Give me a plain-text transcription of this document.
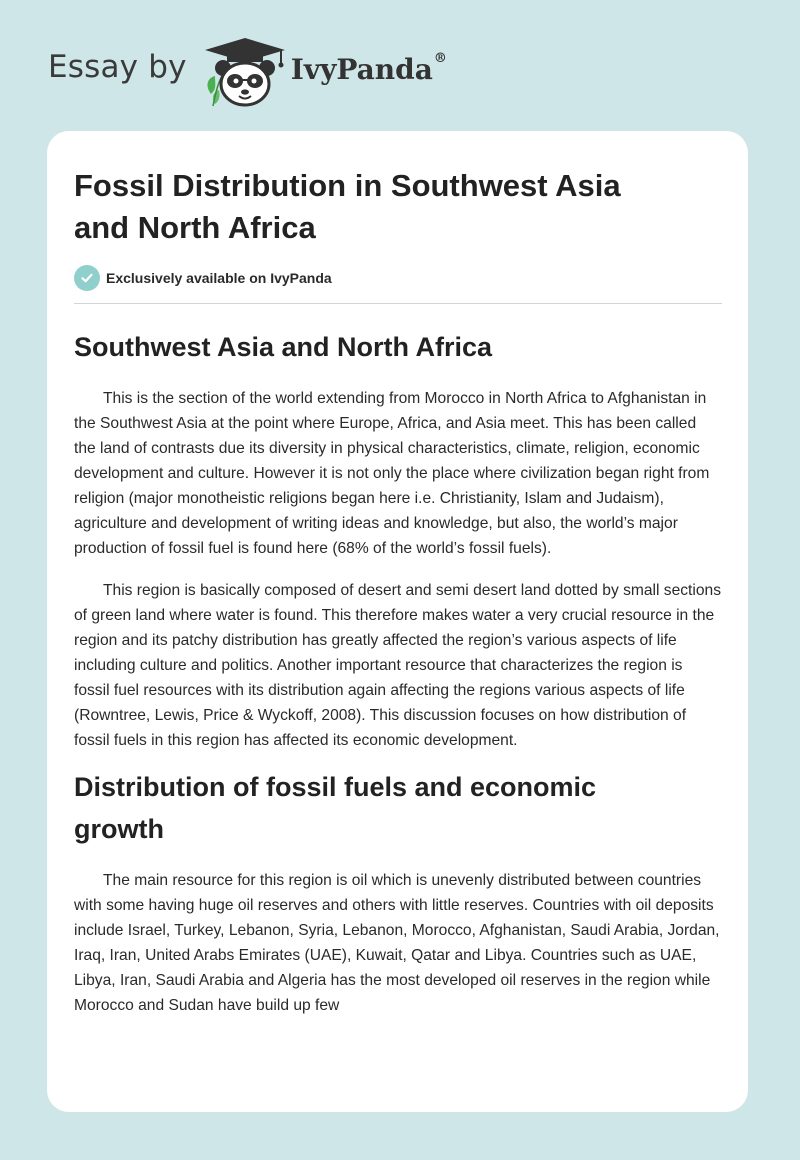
Essay by	IvyPanda®
Fossil Distribution in Southwest Asia
and North Africa
Exclusively available on IvyPanda
Southwest Asia and North Africa

This is the section of the world extending from Morocco in North Africa to Afghanistan in the Southwest Asia at the point where Europe, Africa, and Asia meet. This has been called the land of contrasts due its diversity in physical characteristics, climate, religion, economic development and culture. However it is not only the place where civilization began right from religion (major monotheistic religions began here i.e. Christianity, Islam and Judaism), agriculture and development of writing ideas and knowledge, but also, the world’s major production of fossil fuel is found here (68% of the world’s fossil fuels).

This region is basically composed of desert and semi desert land dotted by small sections of green land where water is found. This therefore makes water a very crucial resource in the region and its patchy distribution has greatly affected the region’s various aspects of life including culture and politics. Another important resource that characterizes the region is fossil fuel resources with its distribution again affecting the regions various aspects of life (Rowntree, Lewis, Price & Wyckoff, 2008). This discussion focuses on how distribution of fossil fuels in this region has affected its economic development.

Distribution of fossil fuels and economic
growth

The main resource for this region is oil which is unevenly distributed between countries with some having huge oil reserves and others with little reserves. Countries with oil deposits include Israel, Turkey, Lebanon, Syria, Lebanon, Morocco, Afghanistan, Saudi Arabia, Jordan, Iraq, Iran, United Arabs Emirates (UAE), Kuwait, Qatar and Libya. Countries such as UAE, Libya, Iran, Saudi Arabia and Algeria has the most developed oil reserves in the region while Morocco and Sudan have build up few
